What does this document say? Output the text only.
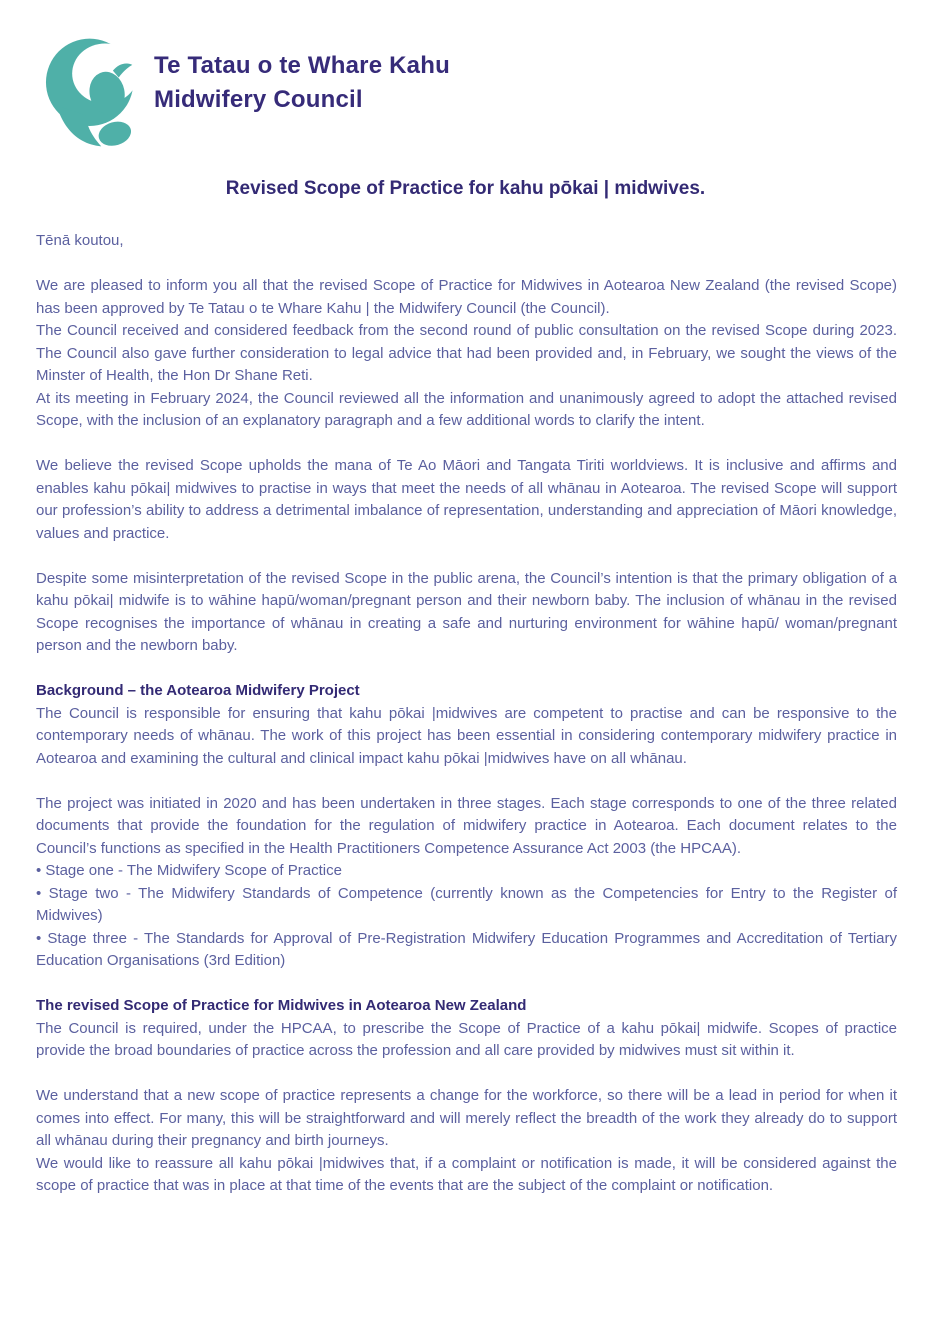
Te Tatau o te Whare Kahu
Midwifery Council
Revised Scope of Practice for kahu pōkai | midwives.

Tēnā koutou,

We are pleased to inform you all that the revised Scope of Practice for Midwives in Aotearoa New Zealand (the revised Scope) has been approved by Te Tatau o te Whare Kahu | the Midwifery Council (the Council).

The Council received and considered feedback from the second round of public consultation on the revised Scope during 2023. The Council also gave further consideration to legal advice that had been provided and, in February, we sought the views of the Minster of Health, the Hon Dr Shane Reti.

At its meeting in February 2024, the Council reviewed all the information and unanimously agreed to adopt the attached revised Scope, with the inclusion of an explanatory paragraph and a few additional words to clarify the intent.

We believe the revised Scope upholds the mana of Te Ao Māori and Tangata Tiriti worldviews. It is inclusive and affirms and enables kahu pōkai| midwives to practise in ways that meet the needs of all whānau in Aotearoa. The revised Scope will support our profession’s ability to address a detrimental imbalance of representation, understanding and appreciation of Māori knowledge, values and practice.

Despite some misinterpretation of the revised Scope in the public arena, the Council’s intention is that the primary obligation of a kahu pōkai| midwife is to wāhine hapū/woman/pregnant person and their newborn baby. The inclusion of whānau in the revised Scope recognises the importance of whānau in creating a safe and nurturing environment for wāhine hapū/ woman/pregnant person and the newborn baby.

Background – the Aotearoa Midwifery Project

The Council is responsible for ensuring that kahu pōkai |midwives are competent to practise and can be responsive to the contemporary needs of whānau. The work of this project has been essential in considering contemporary midwifery practice in Aotearoa and examining the cultural and clinical impact kahu pōkai |midwives have on all whānau.

The project was initiated in 2020 and has been undertaken in three stages. Each stage corresponds to one of the three related documents that provide the foundation for the regulation of midwifery practice in Aotearoa. Each document relates to the Council’s functions as specified in the Health Practitioners Competence Assurance Act 2003 (the HPCAA).

• Stage one - The Midwifery Scope of Practice

• Stage two - The Midwifery Standards of Competence (currently known as the Competencies for Entry to the Register of Midwives)

• Stage three - The Standards for Approval of Pre-Registration Midwifery Education Programmes and Accreditation of Tertiary Education Organisations (3rd Edition)

The revised Scope of Practice for Midwives in Aotearoa New Zealand

The Council is required, under the HPCAA, to prescribe the Scope of Practice of a kahu pōkai| midwife. Scopes of practice provide the broad boundaries of practice across the profession and all care provided by midwives must sit within it.

We understand that a new scope of practice represents a change for the workforce, so there will be a lead in period for when it comes into effect. For many, this will be straightforward and will merely reflect the breadth of the work they already do to support all whānau during their pregnancy and birth journeys.

We would like to reassure all kahu pōkai |midwives that, if a complaint or notification is made, it will be considered against the scope of practice that was in place at that time of the events that are the subject of the complaint or notification.
